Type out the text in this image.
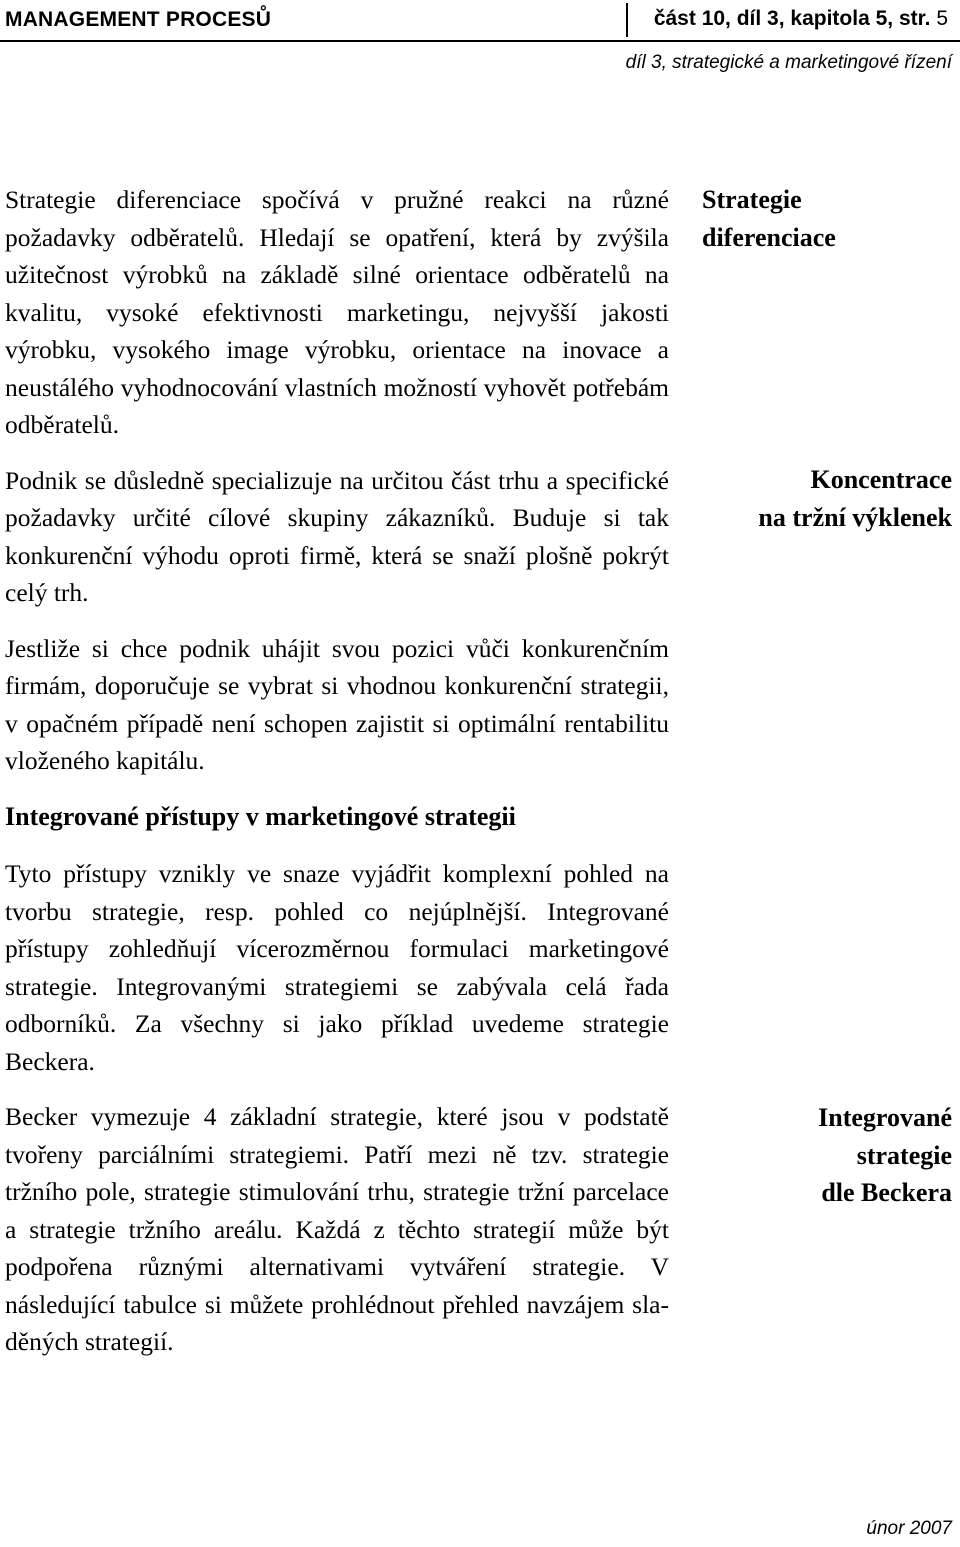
MANAGEMENT PROCESŮ	část 10, díl 3, kapitola 5, str. 5
díl 3, strategické a marketingové řízení

Strategie diferenciace spočívá v pružné reakci na různé požadavky odběratelů. Hledají se opatření, která by zvýšila užitečnost výrobků na základě silné orientace odběratelů na kvalitu, vysoké efektivnosti marketingu, nejvyšší jakosti výrobku, vysokého image výrobku, orientace na inovace a neustálého vyhodnocování vlastních možností vyhovět potřebám odběratelů.

Podnik se důsledně specializuje na určitou část trhu a specifické požadavky určité cílové skupiny zákazníků. Buduje si tak konkurenční výhodu oproti firmě, která se snaží plošně pokrýt celý trh.

Jestliže si chce podnik uhájit svou pozici vůči konkurenčním firmám, doporučuje se vybrat si vhodnou konkurenční strategii, v opačném případě není schopen zajistit si optimální rentabilitu vloženého kapitálu.

Integrované přístupy v marketingové strategii

Tyto přístupy vznikly ve snaze vyjádřit komplexní pohled na tvorbu strategie, resp. pohled co nejúplnější. Integrované přístupy zohledňují vícerozměrnou formulaci marketingové strategie. Integrovanými strategiemi se zabývala celá řada odborníků. Za všechny si jako příklad uvedeme strategie Beckera.

Becker vymezuje 4 základní strategie, které jsou v podstatě tvořeny parciálními strategiemi. Patří mezi ně tzv. strategie tržního pole, strategie stimulování trhu, strategie tržní parcelace a strategie tržního areálu. Každá z těchto strategií může být podpořena různými alternativami vytváření strategie. V následující tabulce si můžete prohlédnout přehled navzájem sladěných strategií.

Strategie
diferenciace
Koncentrace
na tržní výklenek
Integrované
strategie
dle Beckera
únor 2007
